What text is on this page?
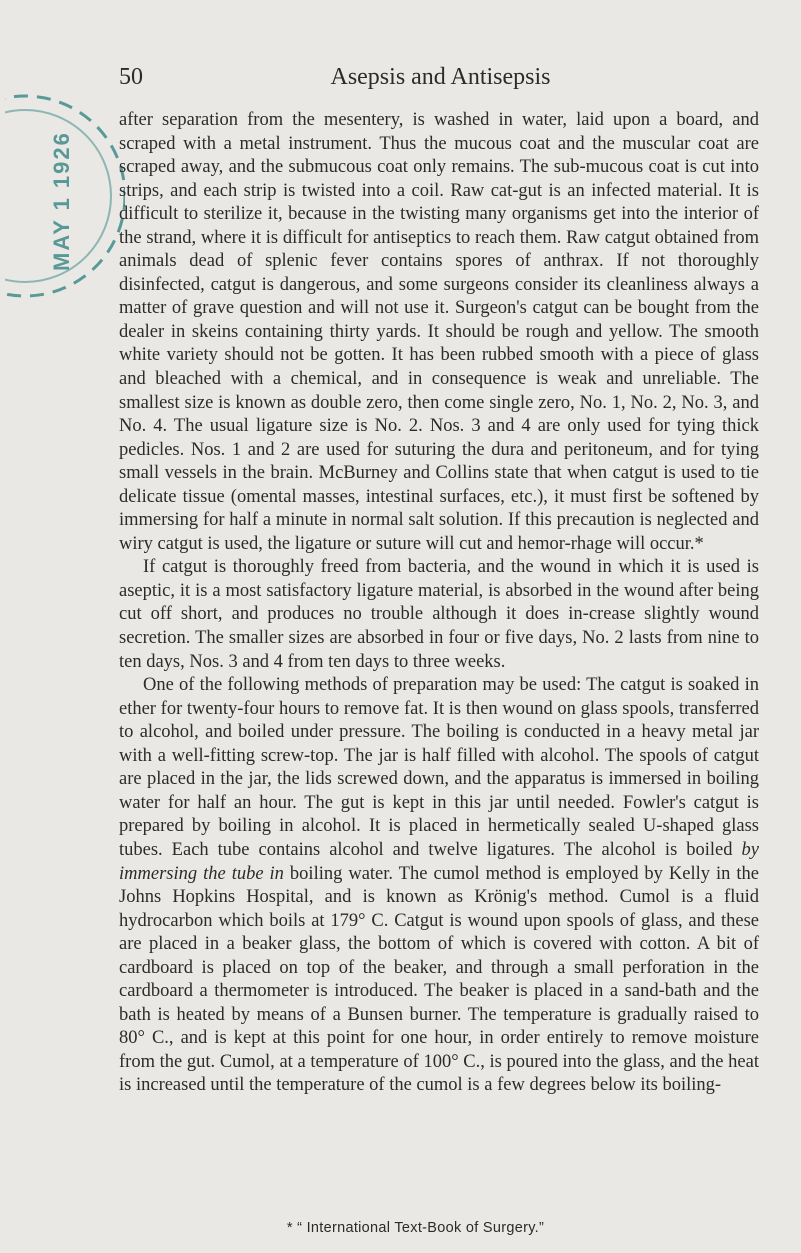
MAY 1 1926
50	Asepsis and Antisepsis

after separation from the mesentery, is washed in water, laid upon a board, and scraped with a metal instrument. Thus the mucous coat and the muscular coat are scraped away, and the submucous coat only remains. The sub-mucous coat is cut into strips, and each strip is twisted into a coil. Raw cat-gut is an infected material. It is difficult to sterilize it, because in the twisting many organisms get into the interior of the strand, where it is difficult for antiseptics to reach them. Raw catgut obtained from animals dead of splenic fever contains spores of anthrax. If not thoroughly disinfected, catgut is dangerous, and some surgeons consider its cleanliness always a matter of grave question and will not use it. Surgeon's catgut can be bought from the dealer in skeins containing thirty yards. It should be rough and yellow. The smooth white variety should not be gotten. It has been rubbed smooth with a piece of glass and bleached with a chemical, and in consequence is weak and unreliable. The smallest size is known as double zero, then come single zero, No. 1, No. 2, No. 3, and No. 4. The usual ligature size is No. 2. Nos. 3 and 4 are only used for tying thick pedicles. Nos. 1 and 2 are used for suturing the dura and peritoneum, and for tying small vessels in the brain. McBurney and Collins state that when catgut is used to tie delicate tissue (omental masses, intestinal surfaces, etc.), it must first be softened by immersing for half a minute in normal salt solution. If this precaution is neglected and wiry catgut is used, the ligature or suture will cut and hemor-rhage will occur.*

If catgut is thoroughly freed from bacteria, and the wound in which it is used is aseptic, it is a most satisfactory ligature material, is absorbed in the wound after being cut off short, and produces no trouble although it does in-crease slightly wound secretion. The smaller sizes are absorbed in four or five days, No. 2 lasts from nine to ten days, Nos. 3 and 4 from ten days to three weeks.

One of the following methods of preparation may be used: The catgut is soaked in ether for twenty-four hours to remove fat. It is then wound on glass spools, transferred to alcohol, and boiled under pressure. The boiling is conducted in a heavy metal jar with a well-fitting screw-top. The jar is half filled with alcohol. The spools of catgut are placed in the jar, the lids screwed down, and the apparatus is immersed in boiling water for half an hour. The gut is kept in this jar until needed. Fowler's catgut is prepared by boiling in alcohol. It is placed in hermetically sealed U-shaped glass tubes. Each tube contains alcohol and twelve ligatures. The alcohol is boiled by immersing the tube in boiling water. The cumol method is employed by Kelly in the Johns Hopkins Hospital, and is known as Krönig's method. Cumol is a fluid hydrocarbon which boils at 179° C. Catgut is wound upon spools of glass, and these are placed in a beaker glass, the bottom of which is covered with cotton. A bit of cardboard is placed on top of the beaker, and through a small perforation in the cardboard a thermometer is introduced. The beaker is placed in a sand-bath and the bath is heated by means of a Bunsen burner. The temperature is gradually raised to 80° C., and is kept at this point for one hour, in order entirely to remove moisture from the gut. Cumol, at a temperature of 100° C., is poured into the glass, and the heat is increased until the temperature of the cumol is a few degrees below its boiling-

* “ International Text-Book of Surgery.”
